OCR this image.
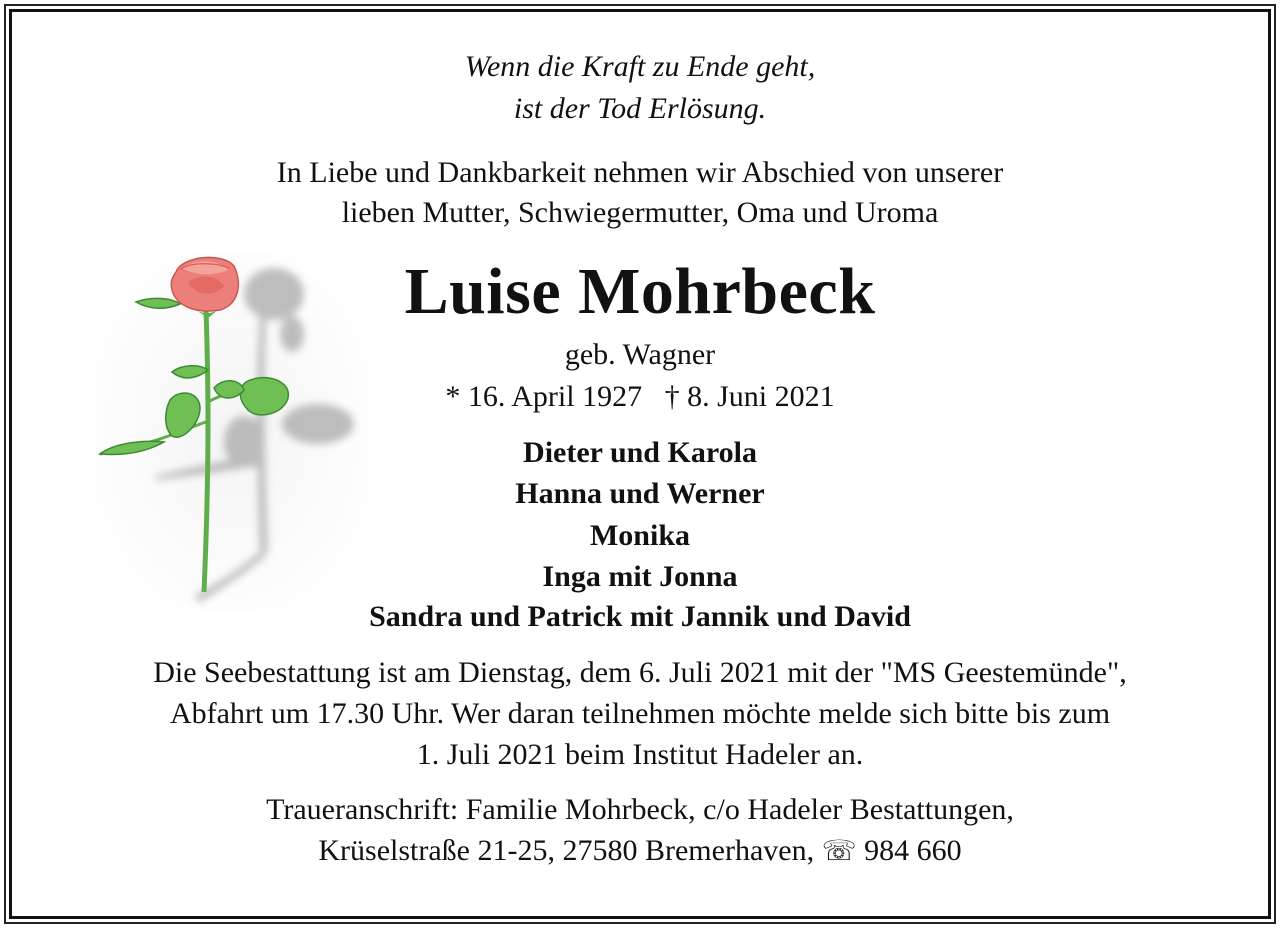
Wenn die Kraft zu Ende geht,
ist der Tod Erlösung.
In Liebe und Dankbarkeit nehmen wir Abschied von unserer
lieben Mutter, Schwiegermutter, Oma und Uroma
Luise Mohrbeck
geb. Wagner
* 16. April 1927   † 8. Juni 2021
Dieter und Karola
Hanna und Werner
Monika
Inga mit Jonna
Sandra und Patrick mit Jannik und David
Die Seebestattung ist am Dienstag, dem 6. Juli 2021 mit der "MS Geestemünde",
Abfahrt um 17.30 Uhr. Wer daran teilnehmen möchte melde sich bitte bis zum
1. Juli 2021 beim Institut Hadeler an.
Traueranschrift: Familie Mohrbeck, c/o Hadeler Bestattungen,
Krüselstraße 21-25, 27580 Bremerhaven, ☏ 984 660
